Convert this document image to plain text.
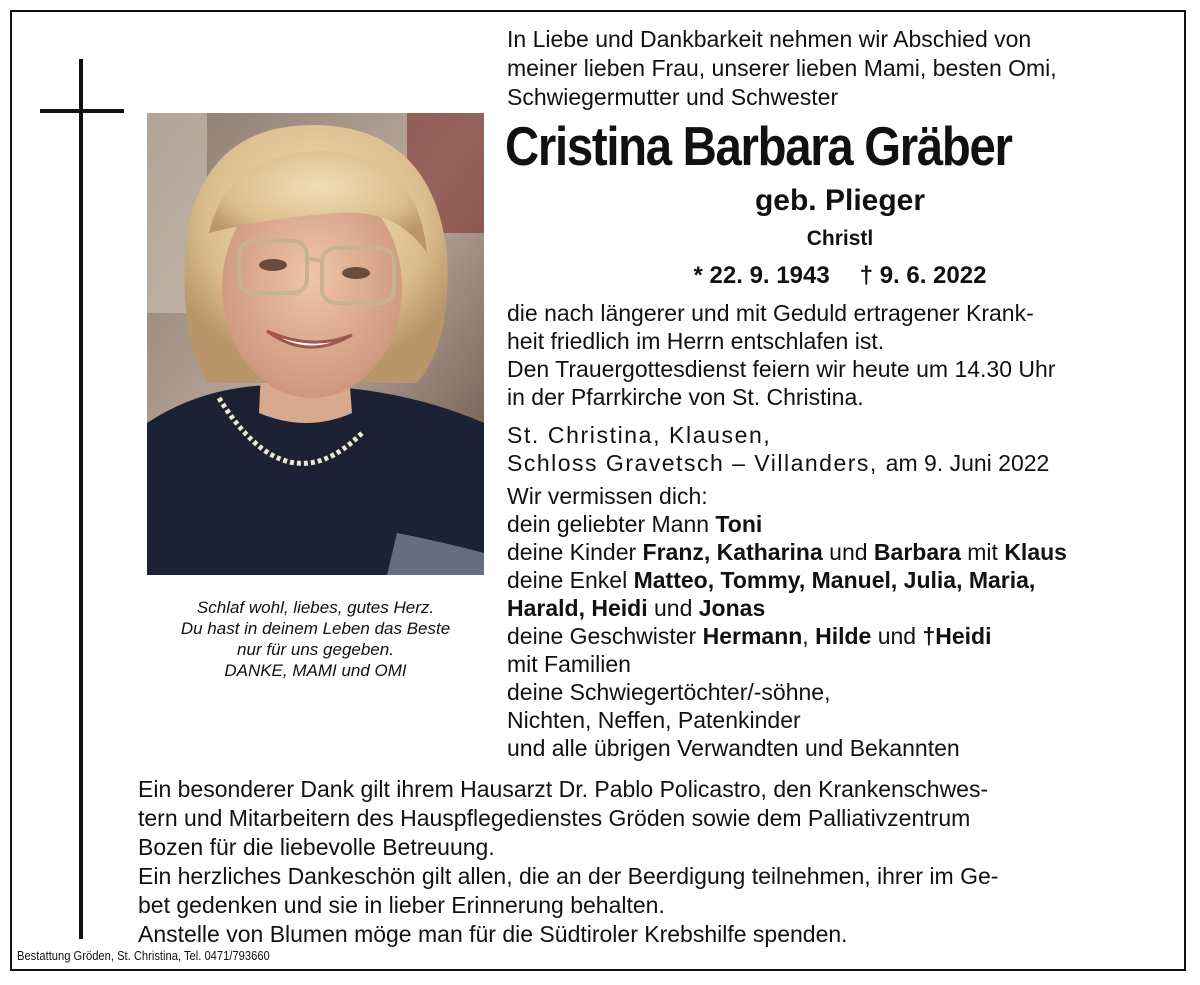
Schlaf wohl, liebes, gutes Herz.
Du hast in deinem Leben das Beste
nur für uns gegeben.
DANKE, MAMI und OMI
In Liebe und Dankbarkeit nehmen wir Abschied von
meiner lieben Frau, unserer lieben Mami, besten Omi,
Schwiegermutter und Schwester
Cristina Barbara Gräber
geb. Plieger
Christl
* 22. 9. 1943 † 9. 6. 2022
die nach längerer und mit Geduld ertragener Krank-
heit friedlich im Herrn entschlafen ist.
Den Trauergottesdienst feiern wir heute um 14.30 Uhr
in der Pfarrkirche von St. Christina.
St. Christina, Klausen,
Schloss Gravetsch – Villanders, am 9. Juni 2022
Wir vermissen dich:
dein geliebter Mann Toni
deine Kinder Franz, Katharina und Barbara mit Klaus
deine Enkel Matteo, Tommy, Manuel, Julia, Maria,
Harald, Heidi und Jonas
deine Geschwister Hermann, Hilde und †Heidi
mit Familien
deine Schwiegertöchter/-söhne,
Nichten, Neffen, Patenkinder
und alle übrigen Verwandten und Bekannten
Ein besonderer Dank gilt ihrem Hausarzt Dr. Pablo Policastro, den Krankenschwes-
tern und Mitarbeitern des Hauspflegedienstes Gröden sowie dem Palliativzentrum
Bozen für die liebevolle Betreuung.
Ein herzliches Dankeschön gilt allen, die an der Beerdigung teilnehmen, ihrer im Ge-
bet gedenken und sie in lieber Erinnerung behalten.
Anstelle von Blumen möge man für die Südtiroler Krebshilfe spenden.
Bestattung Gröden, St. Christina, Tel. 0471/793660
